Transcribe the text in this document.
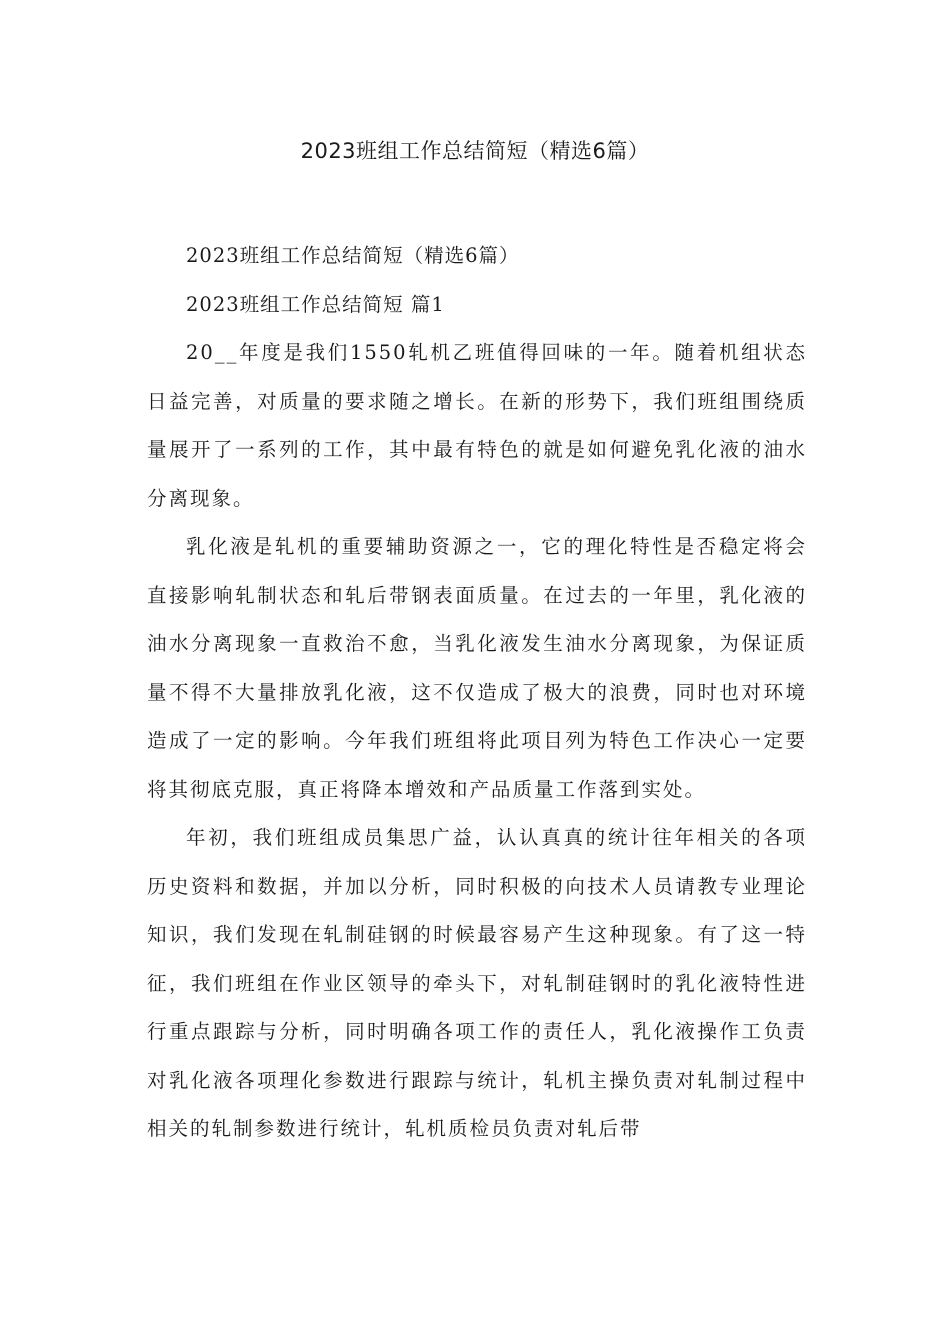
2023班组工作总结简短（精选6篇）

2023班组工作总结简短（精选6篇）

2023班组工作总结简短 篇1

20__年度是我们1550轧机乙班值得回味的一年。随着机组状态日益完善，对质量的要求随之增长。在新的形势下，我们班组围绕质量展开了一系列的工作，其中最有特色的就是如何避免乳化液的油水分离现象。

乳化液是轧机的重要辅助资源之一，它的理化特性是否稳定将会直接影响轧制状态和轧后带钢表面质量。在过去的一年里，乳化液的油水分离现象一直救治不愈，当乳化液发生油水分离现象，为保证质量不得不大量排放乳化液，这不仅造成了极大的浪费，同时也对环境造成了一定的影响。今年我们班组将此项目列为特色工作决心一定要将其彻底克服，真正将降本增效和产品质量工作落到实处。

年初，我们班组成员集思广益，认认真真的统计往年相关的各项历史资料和数据，并加以分析，同时积极的向技术人员请教专业理论知识，我们发现在轧制硅钢的时候最容易产生这种现象。有了这一特征，我们班组在作业区领导的牵头下，对轧制硅钢时的乳化液特性进行重点跟踪与分析，同时明确各项工作的责任人，乳化液操作工负责对乳化液各项理化参数进行跟踪与统计，轧机主操负责对轧制过程中相关的轧制参数进行统计，轧机质检员负责对轧后带
